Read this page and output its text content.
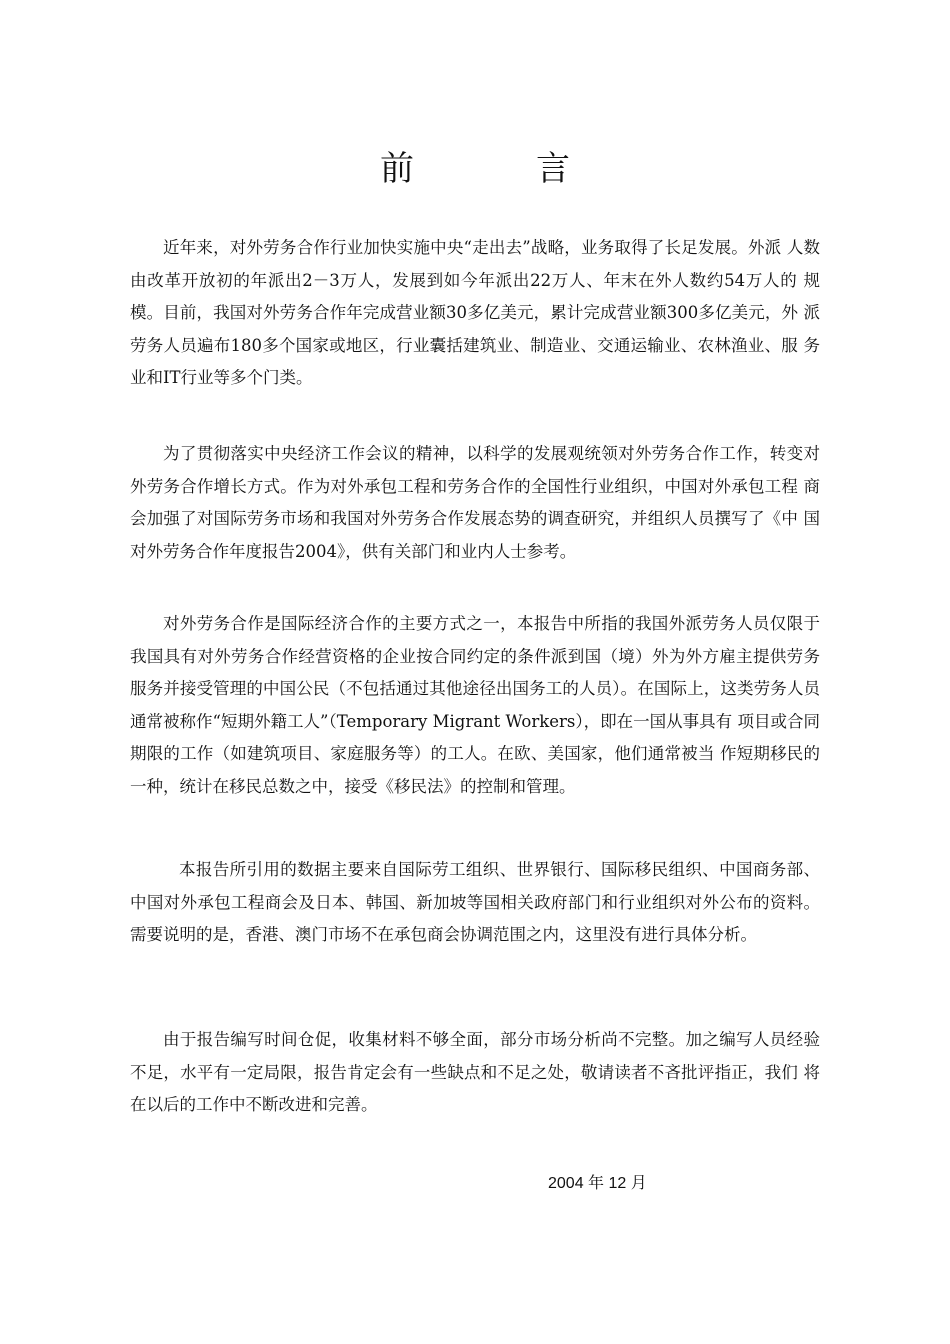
前　言

近年来，对外劳务合作行业加快实施中央“走出去”战略，业务取得了长足发展。外派 人数由改革开放初的年派出2－3万人，发展到如今年派出22万人、年末在外人数约54万人的 规模。目前，我国对外劳务合作年完成营业额30多亿美元，累计完成营业额300多亿美元，外 派劳务人员遍布180多个国家或地区，行业囊括建筑业、制造业、交通运输业、农林渔业、服 务业和IT行业等多个门类。

为了贯彻落实中央经济工作会议的精神，以科学的发展观统领对外劳务合作工作，转变对 外劳务合作增长方式。作为对外承包工程和劳务合作的全国性行业组织，中国对外承包工程 商会加强了对国际劳务市场和我国对外劳务合作发展态势的调查研究，并组织人员撰写了《中 国对外劳务合作年度报告2004》，供有关部门和业内人士参考。

对外劳务合作是国际经济合作的主要方式之一，本报告中所指的我国外派劳务人员仅限于我国具有对外劳务合作经营资格的企业按合同约定的条件派到国（境）外为外方雇主提供劳务服务并接受管理的中国公民（不包括通过其他途径出国务工的人员）。在国际上，这类劳务人员通常被称作“短期外籍工人”（Temporary Migrant Workers），即在一国从事具有 项目或合同期限的工作（如建筑项目、家庭服务等）的工人。在欧、美国家，他们通常被当 作短期移民的一种，统计在移民总数之中，接受《移民法》的控制和管理。

本报告所引用的数据主要来自国际劳工组织、世界银行、国际移民组织、中国商务部、中国对外承包工程商会及日本、韩国、新加坡等国相关政府部门和行业组织对外公布的资料。需要说明的是，香港、澳门市场不在承包商会协调范围之内，这里没有进行具体分析。

由于报告编写时间仓促，收集材料不够全面，部分市场分析尚不完整。加之编写人员经验 不足，水平有一定局限，报告肯定会有一些缺点和不足之处，敬请读者不吝批评指正，我们 将在以后的工作中不断改进和完善。

2004 年 12 月
